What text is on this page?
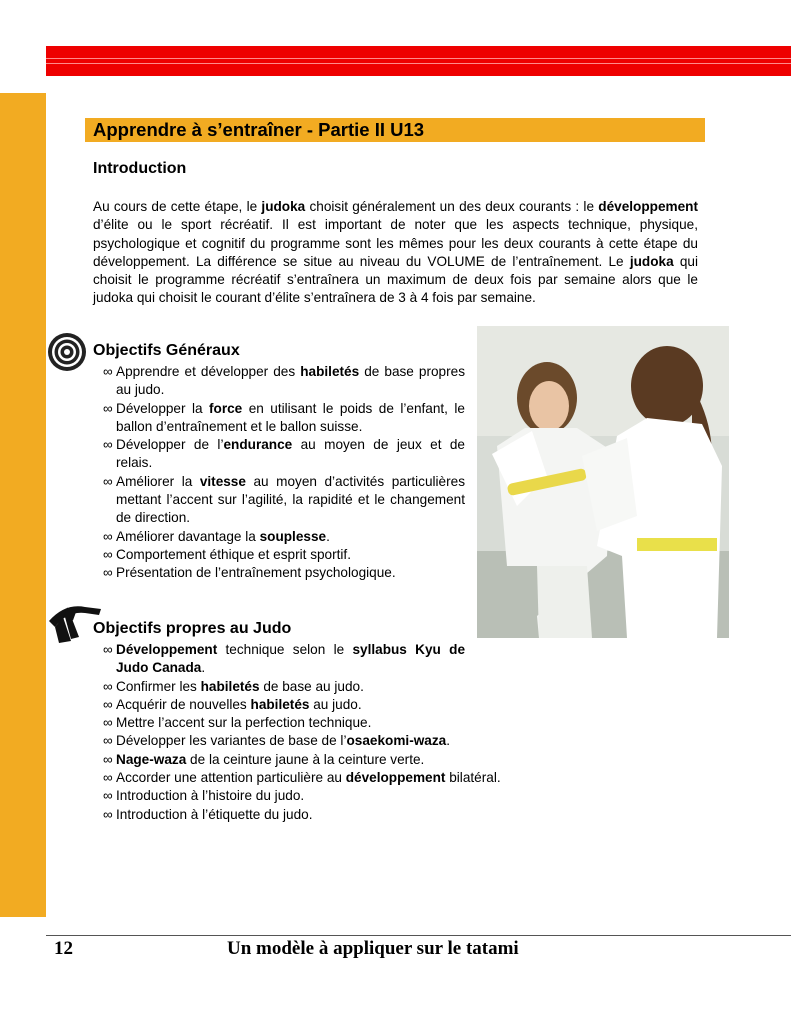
Apprendre à s’entraîner - Partie II U13
Introduction

Au cours de cette étape, le judoka choisit généralement un des deux courants : le développement d’élite ou le sport récréatif. Il est important de noter que les aspects technique, physique, psychologique et cognitif du programme sont les mêmes pour les deux courants à cette étape du développement. La différence se situe au niveau du VOLUME de l’entraînement. Le judoka qui choisit le programme récréatif s’entraînera un maximum de deux fois par semaine alors que le judoka qui choisit le courant d’élite s’entraînera de 3 à 4 fois par semaine.

Objectifs Généraux
∞ Apprendre et développer des habiletés de base propres au judo.
∞ Développer la force en utilisant le poids de l’enfant, le ballon d’entraînement et le ballon suisse.
∞ Développer de l’endurance au moyen de jeux et de relais.
∞ Améliorer la vitesse au moyen d’activités particulières mettant l’accent sur l’agilité, la rapidité et le changement de direction.
∞ Améliorer davantage la souplesse.
∞ Comportement éthique et esprit sportif.
∞ Présentation de l’entraînement psychologique.
Objectifs propres au Judo
∞ Développement technique selon le syllabus Kyu de Judo Canada.
∞ Confirmer les habiletés de base au judo.
∞ Acquérir de nouvelles habiletés au judo.
∞ Mettre l’accent sur la perfection technique.
∞ Développer les variantes de base de l’osaekomi-waza.
∞ Nage-waza de la ceinture jaune à la ceinture verte.
∞ Accorder une attention particulière au développement bilatéral.
∞ Introduction à l’histoire du judo.
∞ Introduction à l’étiquette du judo.
12	Un modèle à appliquer sur le tatami
